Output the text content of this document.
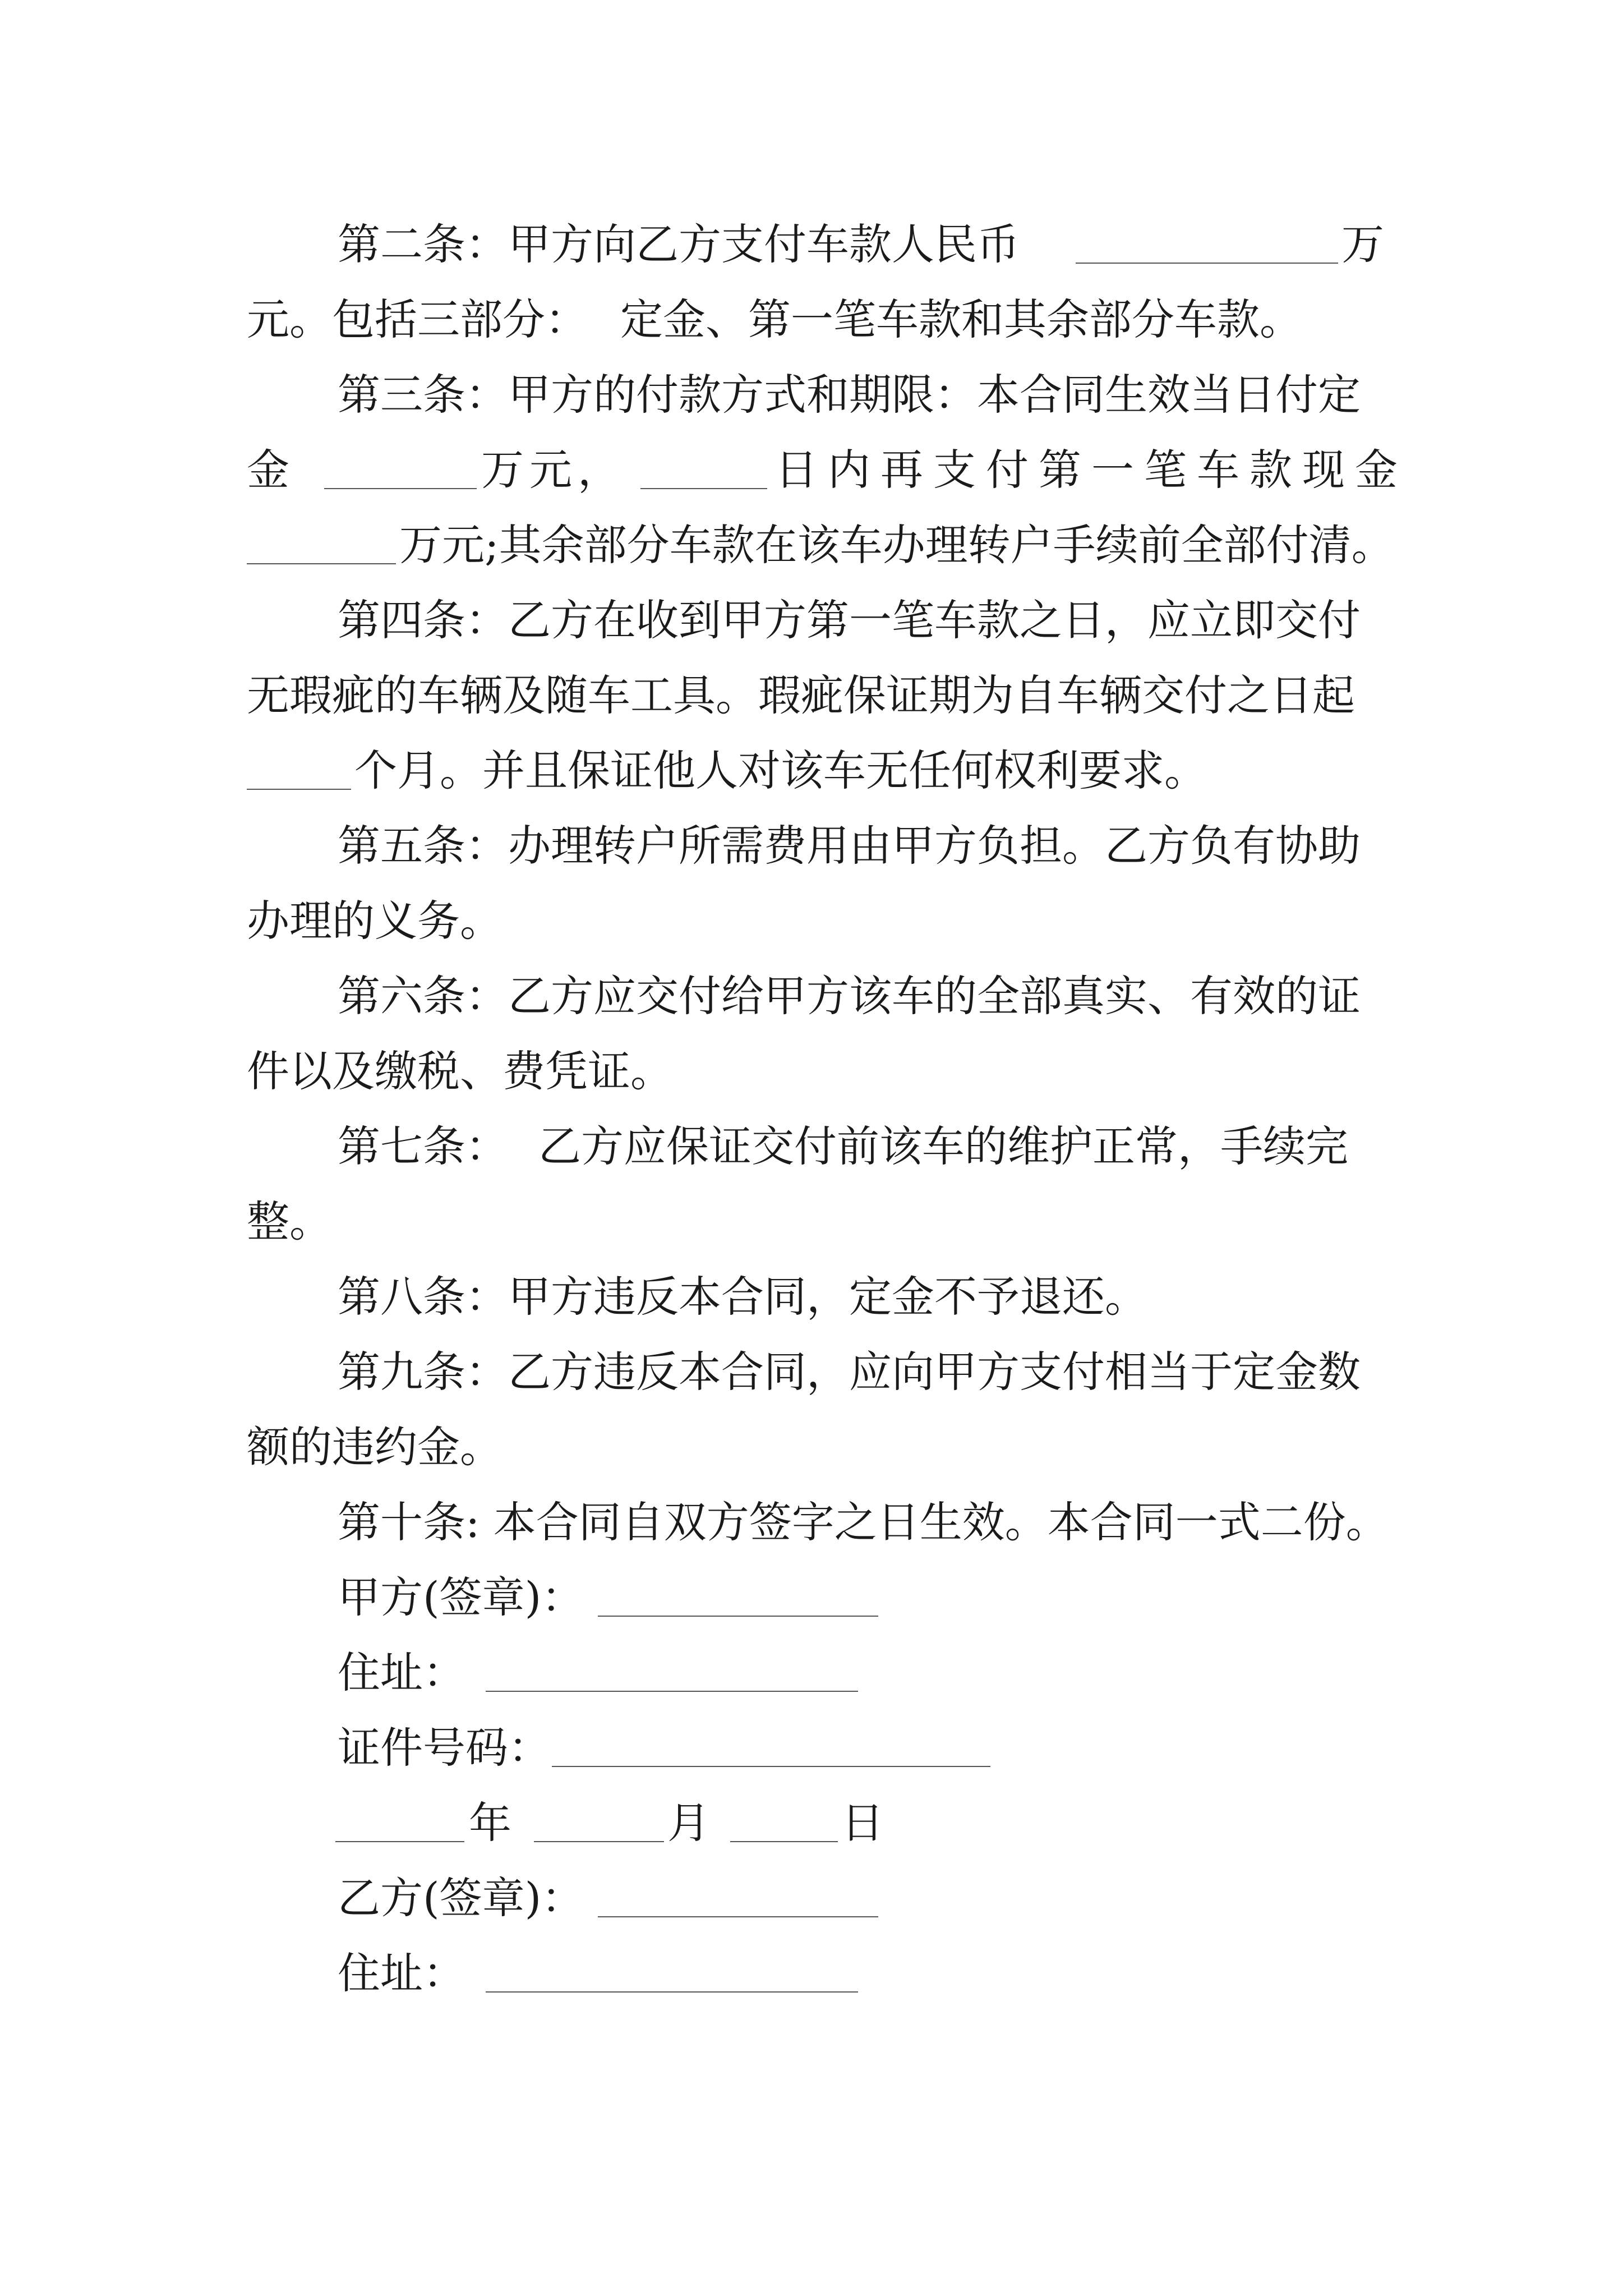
第二条：甲方向乙方支付车款人民币	万
元。包括三部分： 定金、第一笔车款和其余部分车款。
第三条：甲方的付款方式和期限：本合同生效当日付定
金	万元，	日内再支付第一笔车款现金
万元;其余部分车款在该车办理转户手续前全部付清。
第四条：乙方在收到甲方第一笔车款之日，应立即交付
无瑕疵的车辆及随车工具。瑕疵保证期为自车辆交付之日起
个月。并且保证他人对该车无任何权利要求。
第五条：办理转户所需费用由甲方负担。乙方负有协助
办理的义务。
第六条：乙方应交付给甲方该车的全部真实、有效的证
件以及缴税、费凭证。
第七条： 乙方应保证交付前该车的维护正常，手续完
整。
第八条：甲方违反本合同，定金不予退还。
第九条：乙方违反本合同，应向甲方支付相当于定金数
额的违约金。
第十条: 本合同自双方签字之日生效。本合同一式二份。
甲方(签章)：
住址：
证件号码：
年	月	日
乙方(签章)：
住址：
